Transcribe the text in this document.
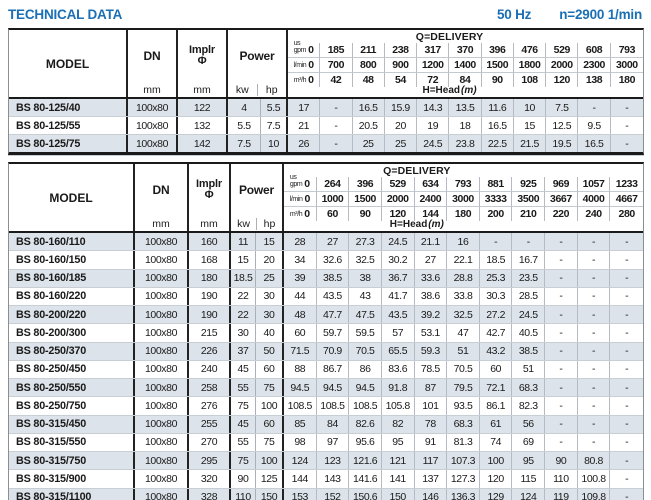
TECHNICAL DATA	50 Hz n=2900 1/min
MODEL
DN
mm
Implr
Φ
mm
Power
kw	hp
Q=DELIVERY
us
gpm 0	185	211	238	317	370	396	476	529	608	793
l/min 0	700	800	900	1200	1400	1500	1800	2000	2300	3000
m³/h 0	42	48	54	72	84	90	108	120	138	180
H=Head(m)
BS 80-125/40	100x80	122	4	5.5	17	-	16.5	15.9	14.3	13.5	11.6	10	7.5	-	-
BS 80-125/55	100x80	132	5.5	7.5	21	-	20.5	20	19	18	16.5	15	12.5	9.5	-
BS 80-125/75	100x80	142	7.5	10	26	-	25	25	24.5	23.8	22.5	21.5	19.5	16.5	-
MODEL
DN
mm
Implr
Φ
mm
Power
kw	hp
Q=DELIVERY
us
gpm 0	264	396	529	634	793	881	925	969	1057	1233
l/min 0	1000	1500	2000	2400	3000	3333	3500	3667	4000	4667
m³/h 0	60	90	120	144	180	200	210	220	240	280
H=Head(m)
BS 80-160/110	100x80	160	11	15	28	27	27.3	24.5	21.1	16	-	-	-	-	-
BS 80-160/150	100x80	168	15	20	34	32.6	32.5	30.2	27	22.1	18.5	16.7	-	-	-
BS 80-160/185	100x80	180	18.5	25	39	38.5	38	36.7	33.6	28.8	25.3	23.5	-	-	-
BS 80-160/220	100x80	190	22	30	44	43.5	43	41.7	38.6	33.8	30.3	28.5	-	-	-
BS 80-200/220	100x80	190	22	30	48	47.7	47.5	43.5	39.2	32.5	27.2	24.5	-	-	-
BS 80-200/300	100x80	215	30	40	60	59.7	59.5	57	53.1	47	42.7	40.5	-	-	-
BS 80-250/370	100x80	226	37	50	71.5	70.9	70.5	65.5	59.3	51	43.2	38.5	-	-	-
BS 80-250/450	100x80	240	45	60	88	86.7	86	83.6	78.5	70.5	60	51	-	-	-
BS 80-250/550	100x80	258	55	75	94.5	94.5	94.5	91.8	87	79.5	72.1	68.3	-	-	-
BS 80-250/750	100x80	276	75	100	108.5 108.5 108.5 105.8	101	93.5	86.1	82.3	-	-	-
BS 80-315/450	100x80	255	45	60	85	84	82.6	82	78	68.3	61	56	-	-	-
BS 80-315/550	100x80	270	55	75	98	97	95.6	95	91	81.3	74	69	-	-	-
BS 80-315/750	100x80	295	75	100	124	123	121.6	121	117	107.3	100	95	90	80.8	-
BS 80-315/900	100x80	320	90	125	144	143	141.6	141	137	127.3	120	115	110	100.8	-
BS 80-315/1100	100x80	328	110 150	153	152	150.6	150	146	136.3	129	124	119	109.8	-
